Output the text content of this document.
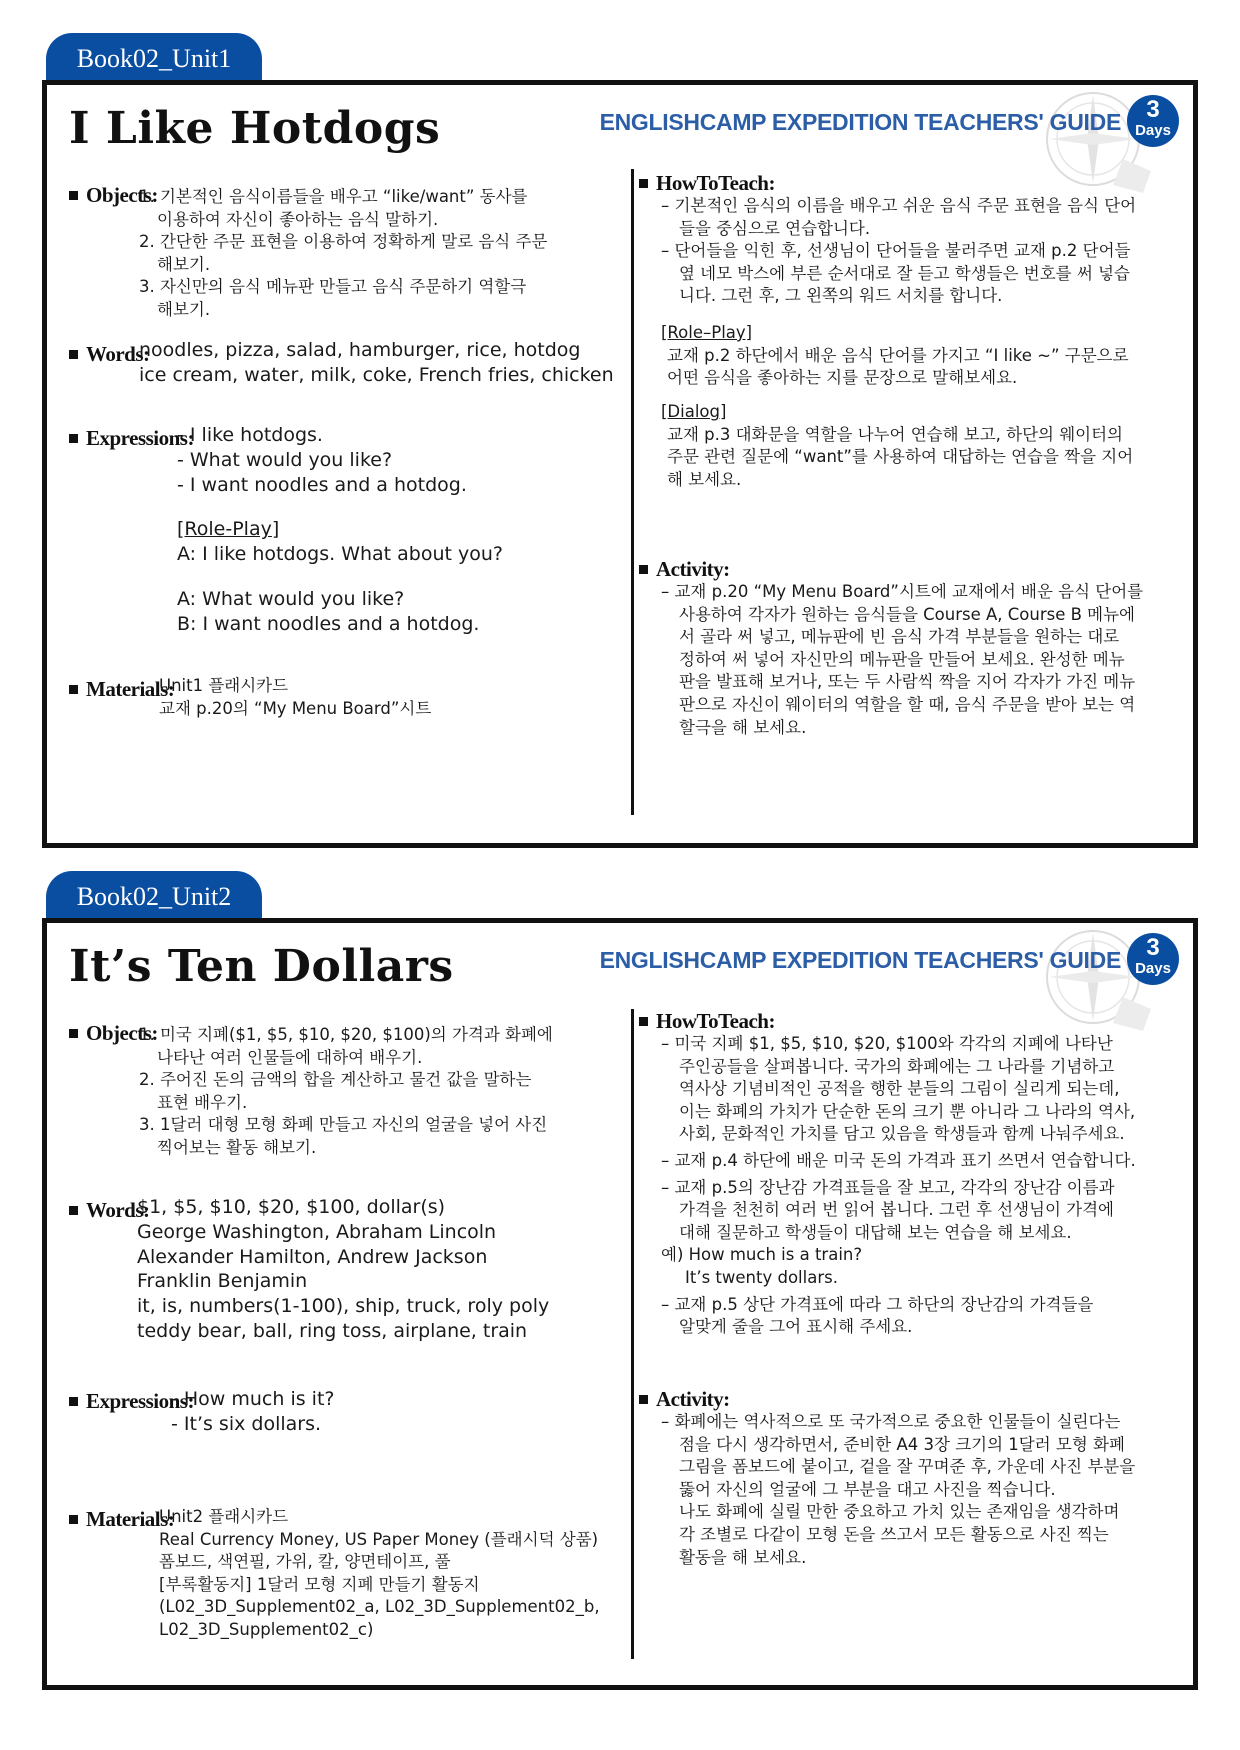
Book02_Unit1
I Like Hotdogs	ENGLISHCAMP EXPEDITION TEACHERS' GUIDE	3
Days
Objects:
1. 기본적인 음식이름들을 배우고 “like/want” 동사를
이용하여 자신이 좋아하는 음식 말하기.
2. 간단한 주문 표현을 이용하여 정확하게 말로 음식 주문
해보기.
3. 자신만의 음식 메뉴판 만들고 음식 주문하기 역할극
해보기.
Words:
noodles, pizza, salad, hamburger, rice, hotdog
ice cream, water, milk, coke, French fries, chicken
Expressions:
- I like hotdogs.
- What would you like?
- I want noodles and a hotdog.
[Role-Play]
A: I like hotdogs. What about you?
A: What would you like?
B: I want noodles and a hotdog.
Materials:
Unit1 플래시카드
교재 p.20의 “My Menu Board”시트
HowToTeach:
– 기본적인 음식의 이름을 배우고 쉬운 음식 주문 표현을 음식 단어
들을 중심으로 연습합니다.
– 단어들을 익힌 후, 선생님이 단어들을 불러주면 교재 p.2 단어들
옆 네모 박스에 부른 순서대로 잘 듣고 학생들은 번호를 써 넣습
니다. 그런 후, 그 왼쪽의 워드 서치를 합니다.
[Role–Play]
교재 p.2 하단에서 배운 음식 단어를 가지고 “I like ~” 구문으로
어떤 음식을 좋아하는 지를 문장으로 말해보세요.
[Dialog]
교재 p.3 대화문을 역할을 나누어 연습해 보고, 하단의 웨이터의
주문 관련 질문에 “want”를 사용하여 대답하는 연습을 짝을 지어
해 보세요.
Activity:
– 교재 p.20 “My Menu Board”시트에 교재에서 배운 음식 단어를
사용하여 각자가 원하는 음식들을 Course A, Course B 메뉴에
서 골라 써 넣고, 메뉴판에 빈 음식 가격 부분들을 원하는 대로
정하여 써 넣어 자신만의 메뉴판을 만들어 보세요. 완성한 메뉴
판을 발표해 보거나, 또는 두 사람씩 짝을 지어 각자가 가진 메뉴
판으로 자신이 웨이터의 역할을 할 때, 음식 주문을 받아 보는 역
할극을 해 보세요.
Book02_Unit2
It’s Ten Dollars	ENGLISHCAMP EXPEDITION TEACHERS' GUIDE	3
Days
Objects:
1. 미국 지폐($1, $5, $10, $20, $100)의 가격과 화폐에
나타난 여러 인물들에 대하여 배우기.
2. 주어진 돈의 금액의 합을 계산하고 물건 값을 말하는
표현 배우기.
3. 1달러 대형 모형 화폐 만들고 자신의 얼굴을 넣어 사진
찍어보는 활동 해보기.
Words:
$1, $5, $10, $20, $100, dollar(s)
George Washington, Abraham Lincoln
Alexander Hamilton, Andrew Jackson
Franklin Benjamin
it, is, numbers(1-100), ship, truck, roly poly
teddy bear, ball, ring toss, airplane, train
Expressions:
- How much is it?
- It’s six dollars.
Materials:
Unit2 플래시카드
Real Currency Money, US Paper Money (플래시덕 상품)
폼보드, 색연필, 가위, 칼, 양면테이프, 풀
[부록활동지] 1달러 모형 지폐 만들기 활동지
(L02_3D_Supplement02_a, L02_3D_Supplement02_b,
L02_3D_Supplement02_c)
HowToTeach:
– 미국 지폐 $1, $5, $10, $20, $100와 각각의 지폐에 나타난
주인공들을 살펴봅니다. 국가의 화폐에는 그 나라를 기념하고
역사상 기념비적인 공적을 행한 분들의 그림이 실리게 되는데,
이는 화폐의 가치가 단순한 돈의 크기 뿐 아니라 그 나라의 역사,
사회, 문화적인 가치를 담고 있음을 학생들과 함께 나눠주세요.
– 교재 p.4 하단에 배운 미국 돈의 가격과 표기 쓰면서 연습합니다.
– 교재 p.5의 장난감 가격표들을 잘 보고, 각각의 장난감 이름과
가격을 천천히 여러 번 읽어 봅니다. 그런 후 선생님이 가격에
대해 질문하고 학생들이 대답해 보는 연습을 해 보세요.
예) How much is a train?
It’s twenty dollars.
– 교재 p.5 상단 가격표에 따라 그 하단의 장난감의 가격들을
알맞게 줄을 그어 표시해 주세요.
Activity:
– 화폐에는 역사적으로 또 국가적으로 중요한 인물들이 실린다는
점을 다시 생각하면서, 준비한 A4 3장 크기의 1달러 모형 화폐
그림을 폼보드에 붙이고, 겉을 잘 꾸며준 후, 가운데 사진 부분을
뚫어 자신의 얼굴에 그 부분을 대고 사진을 찍습니다.
나도 화폐에 실릴 만한 중요하고 가치 있는 존재임을 생각하며
각 조별로 다같이 모형 돈을 쓰고서 모든 활동으로 사진 찍는
활동을 해 보세요.
